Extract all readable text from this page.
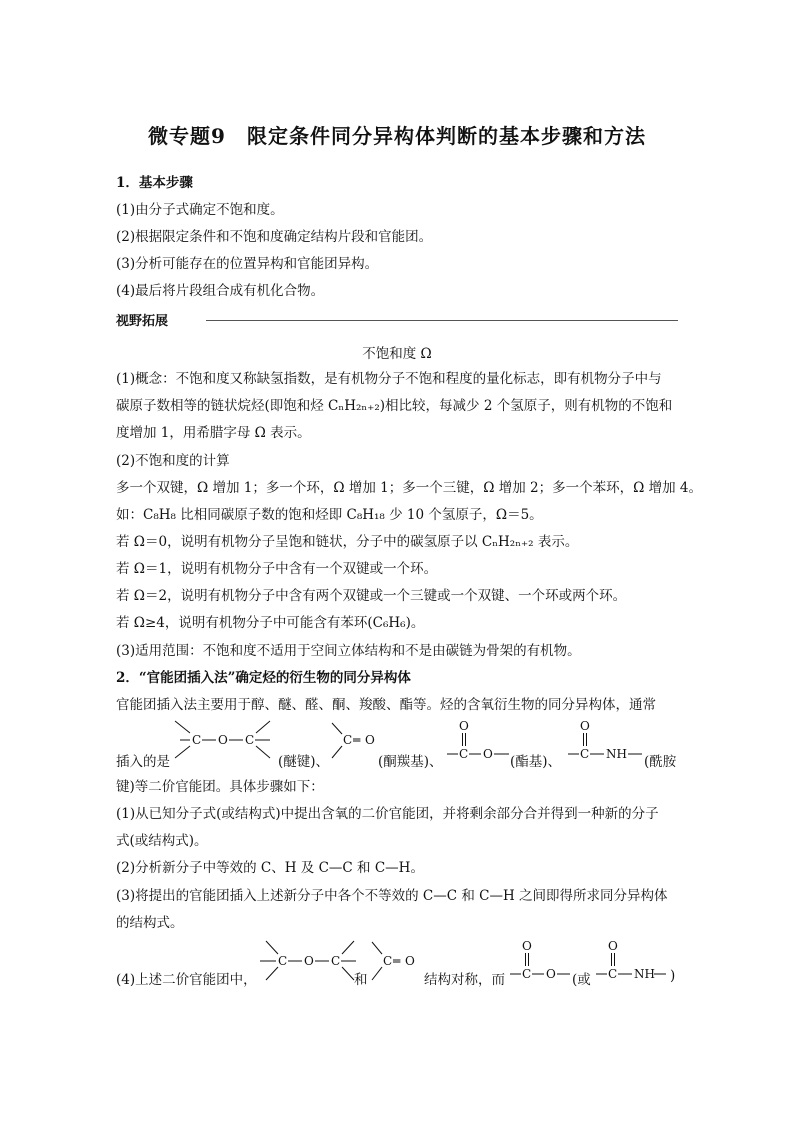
微专题9　限定条件同分异构体判断的基本步骤和方法
1．基本步骤
(1)由分子式确定不饱和度。
(2)根据限定条件和不饱和度确定结构片段和官能团。
(3)分析可能存在的位置异构和官能团异构。
(4)最后将片段组合成有机化合物。
视野拓展
不饱和度 Ω
(1)概念：不饱和度又称缺氢指数，是有机物分子不饱和程度的量化标志，即有机物分子中与
碳原子数相等的链状烷烃(即饱和烃 CₙH₂ₙ₊₂)相比较，每减少 2 个氢原子，则有机物的不饱和
度增加 1，用希腊字母 Ω 表示。
(2)不饱和度的计算
多一个双键，Ω 增加 1；多一个环，Ω 增加 1；多一个三键，Ω 增加 2；多一个苯环，Ω 增加 4。
如：C₈H₈ 比相同碳原子数的饱和烃即 C₈H₁₈ 少 10 个氢原子，Ω＝5。
若 Ω＝0，说明有机物分子呈饱和链状，分子中的碳氢原子以 CₙH₂ₙ₊₂ 表示。
若 Ω＝1，说明有机物分子中含有一个双键或一个环。
若 Ω＝2，说明有机物分子中含有两个双键或一个三键或一个双键、一个环或两个环。
若 Ω≥4，说明有机物分子中可能含有苯环(C₆H₆)。
(3)适用范围：不饱和度不适用于空间立体结构和不是由碳链为骨架的有机物。
2．“官能团插入法”确定烃的衍生物的同分异构体
官能团插入法主要用于醇、醚、醛、酮、羧酸、酯等。烃的含氧衍生物的同分异构体，通常
插入的是
C O C
(醚键)、
C ═ O
(酮羰基)、
O
C O (酯基)、
O
C NH (酰胺
键)等二价官能团。具体步骤如下：
(1)从已知分子式(或结构式)中提出含氧的二价官能团，并将剩余部分合并得到一种新的分子
式(或结构式)。
(2)分析新分子中等效的 C、H 及 C—C 和 C—H。
(3)将提出的官能团插入上述新分子中各个不等效的 C—C 和 C—H 之间即得所求同分异构体
的结构式。
(4)上述二价官能团中，
C O C
和
C ═ O
结构对称，而
O
C O (或
O
C NH )
